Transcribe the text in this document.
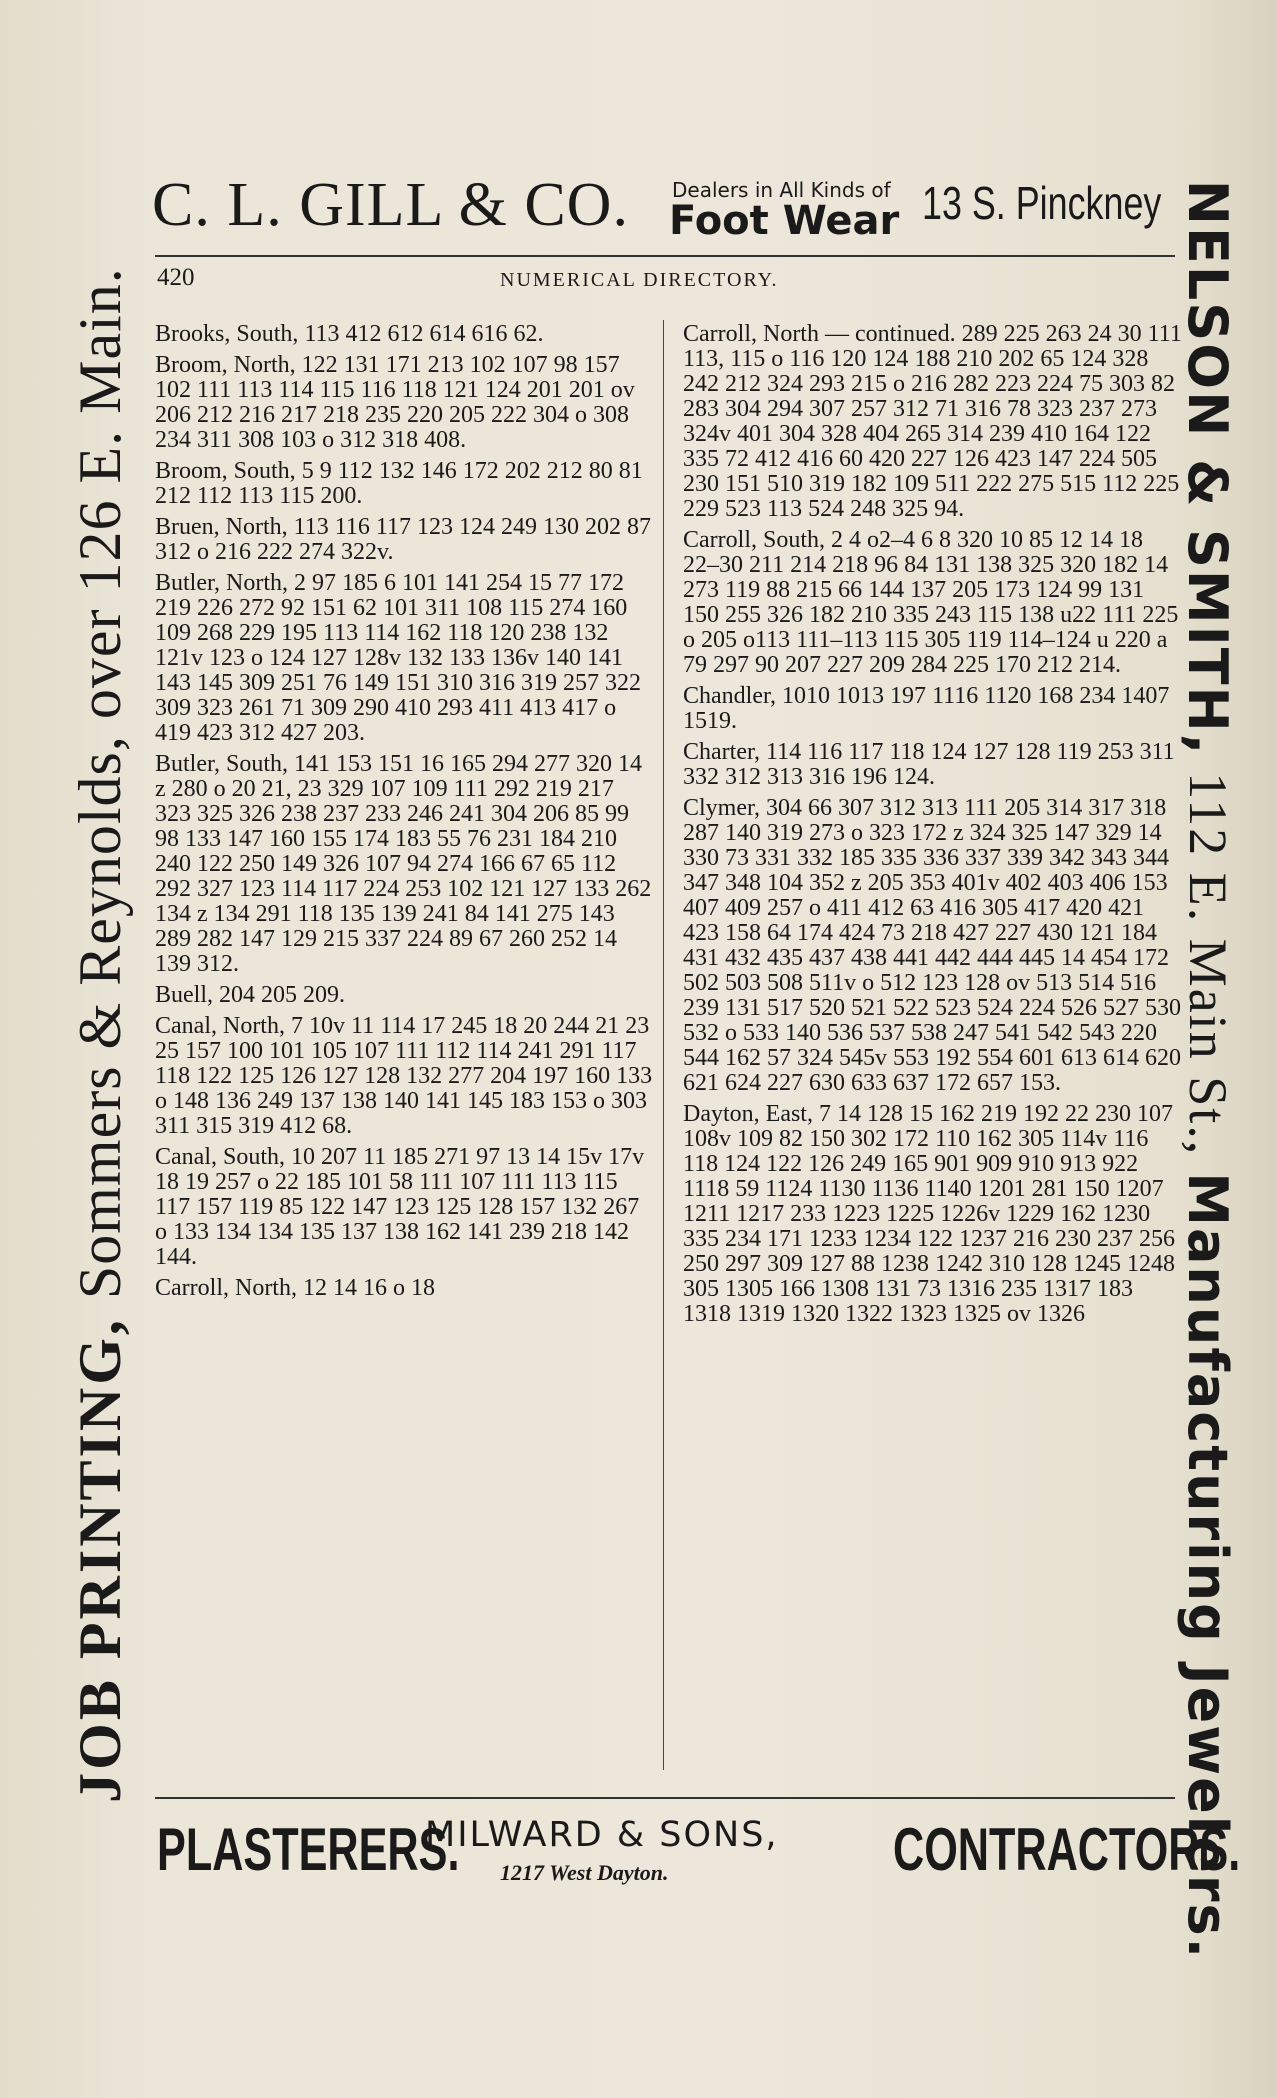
JOB PRINTING,
Sommers & Reynolds, over 126 E. Main.	NELSON & SMITH,
112 E. Main St.,
Manufacturing Jewelers.
C. L. GILL & CO. Dealers in All Kinds of
Foot Wear 13 S. Pinckney
420	NUMERICAL DIRECTORY.
Brooks, South, 113 412 612 614 616 62.
Broom, North, 122 131 171 213 102 107 98 157 102 111 113 114 115 116 118 121 124 201 201 ov 206 212 216 217 218 235 220 205 222 304 o 308 234 311 308 103 o 312 318 408.
Broom, South, 5 9 112 132 146 172 202 212 80 81 212 112 113 115 200.
Bruen, North, 113 116 117 123 124 249 130 202 87 312 o 216 222 274 322v.
Butler, North, 2 97 185 6 101 141 254 15 77 172 219 226 272 92 151 62 101 311 108 115 274 160 109 268 229 195 113 114 162 118 120 238 132 121v 123 o 124 127 128v 132 133 136v 140 141 143 145 309 251 76 149 151 310 316 319 257 322 309 323 261 71 309 290 410 293 411 413 417 o 419 423 312 427 203.
Butler, South, 141 153 151 16 165 294 277 320 14 z 280 o 20 21, 23 329 107 109 111 292 219 217 323 325 326 238 237 233 246 241 304 206 85 99 98 133 147 160 155 174 183 55 76 231 184 210 240 122 250 149 326 107 94 274 166 67 65 112 292 327 123 114 117 224 253 102 121 127 133 262 134 z 134 291 118 135 139 241 84 141 275 143 289 282 147 129 215 337 224 89 67 260 252 14 139 312.
Buell, 204 205 209.
Canal, North, 7 10v 11 114 17 245 18 20 244 21 23 25 157 100 101 105 107 111 112 114 241 291 117 118 122 125 126 127 128 132 277 204 197 160 133 o 148 136 249 137 138 140 141 145 183 153 o 303 311 315 319 412 68.
Canal, South, 10 207 11 185 271 97 13 14 15v 17v 18 19 257 o 22 185 101 58 111 107 111 113 115 117 157 119 85 122 147 123 125 128 157 132 267 o 133 134 134 135 137 138 162 141 239 218 142 144.
Carroll, North, 12 14 16 o 18
Carroll, North — continued. 289 225 263 24 30 111 113, 115 o 116 120 124 188 210 202 65 124 328 242 212 324 293 215 o 216 282 223 224 75 303 82 283 304 294 307 257 312 71 316 78 323 237 273 324v 401 304 328 404 265 314 239 410 164 122 335 72 412 416 60 420 227 126 423 147 224 505 230 151 510 319 182 109 511 222 275 515 112 225 229 523 113 524 248 325 94.
Carroll, South, 2 4 o2–4 6 8 320 10 85 12 14 18 22–30 211 214 218 96 84 131 138 325 320 182 14 273 119 88 215 66 144 137 205 173 124 99 131 150 255 326 182 210 335 243 115 138 u22 111 225 o 205 o113 111–113 115 305 119 114–124 u 220 a 79 297 90 207 227 209 284 225 170 212 214.
Chandler, 1010 1013 197 1116 1120 168 234 1407 1519.
Charter, 114 116 117 118 124 127 128 119 253 311 332 312 313 316 196 124.
Clymer, 304 66 307 312 313 111 205 314 317 318 287 140 319 273 o 323 172 z 324 325 147 329 14 330 73 331 332 185 335 336 337 339 342 343 344 347 348 104 352 z 205 353 401v 402 403 406 153 407 409 257 o 411 412 63 416 305 417 420 421 423 158 64 174 424 73 218 427 227 430 121 184 431 432 435 437 438 441 442 444 445 14 454 172 502 503 508 511v o 512 123 128 ov 513 514 516 239 131 517 520 521 522 523 524 224 526 527 530 532 o 533 140 536 537 538 247 541 542 543 220 544 162 57 324 545v 553 192 554 601 613 614 620 621 624 227 630 633 637 172 657 153.
Dayton, East, 7 14 128 15 162 219 192 22 230 107 108v 109 82 150 302 172 110 162 305 114v 116 118 124 122 126 249 165 901 909 910 913 922 1118 59 1124 1130 1136 1140 1201 281 150 1207 1211 1217 233 1223 1225 1226v 1229 162 1230 335 234 171 1233 1234 122 1237 216 230 237 256 250 297 309 127 88 1238 1242 310 128 1245 1248 305 1305 166 1308 131 73 1316 235 1317 183 1318 1319 1320 1322 1323 1325 ov 1326
PLASTERERS.
MILWARD & SONS,
1217 West Dayton.	CONTRACTORS.
